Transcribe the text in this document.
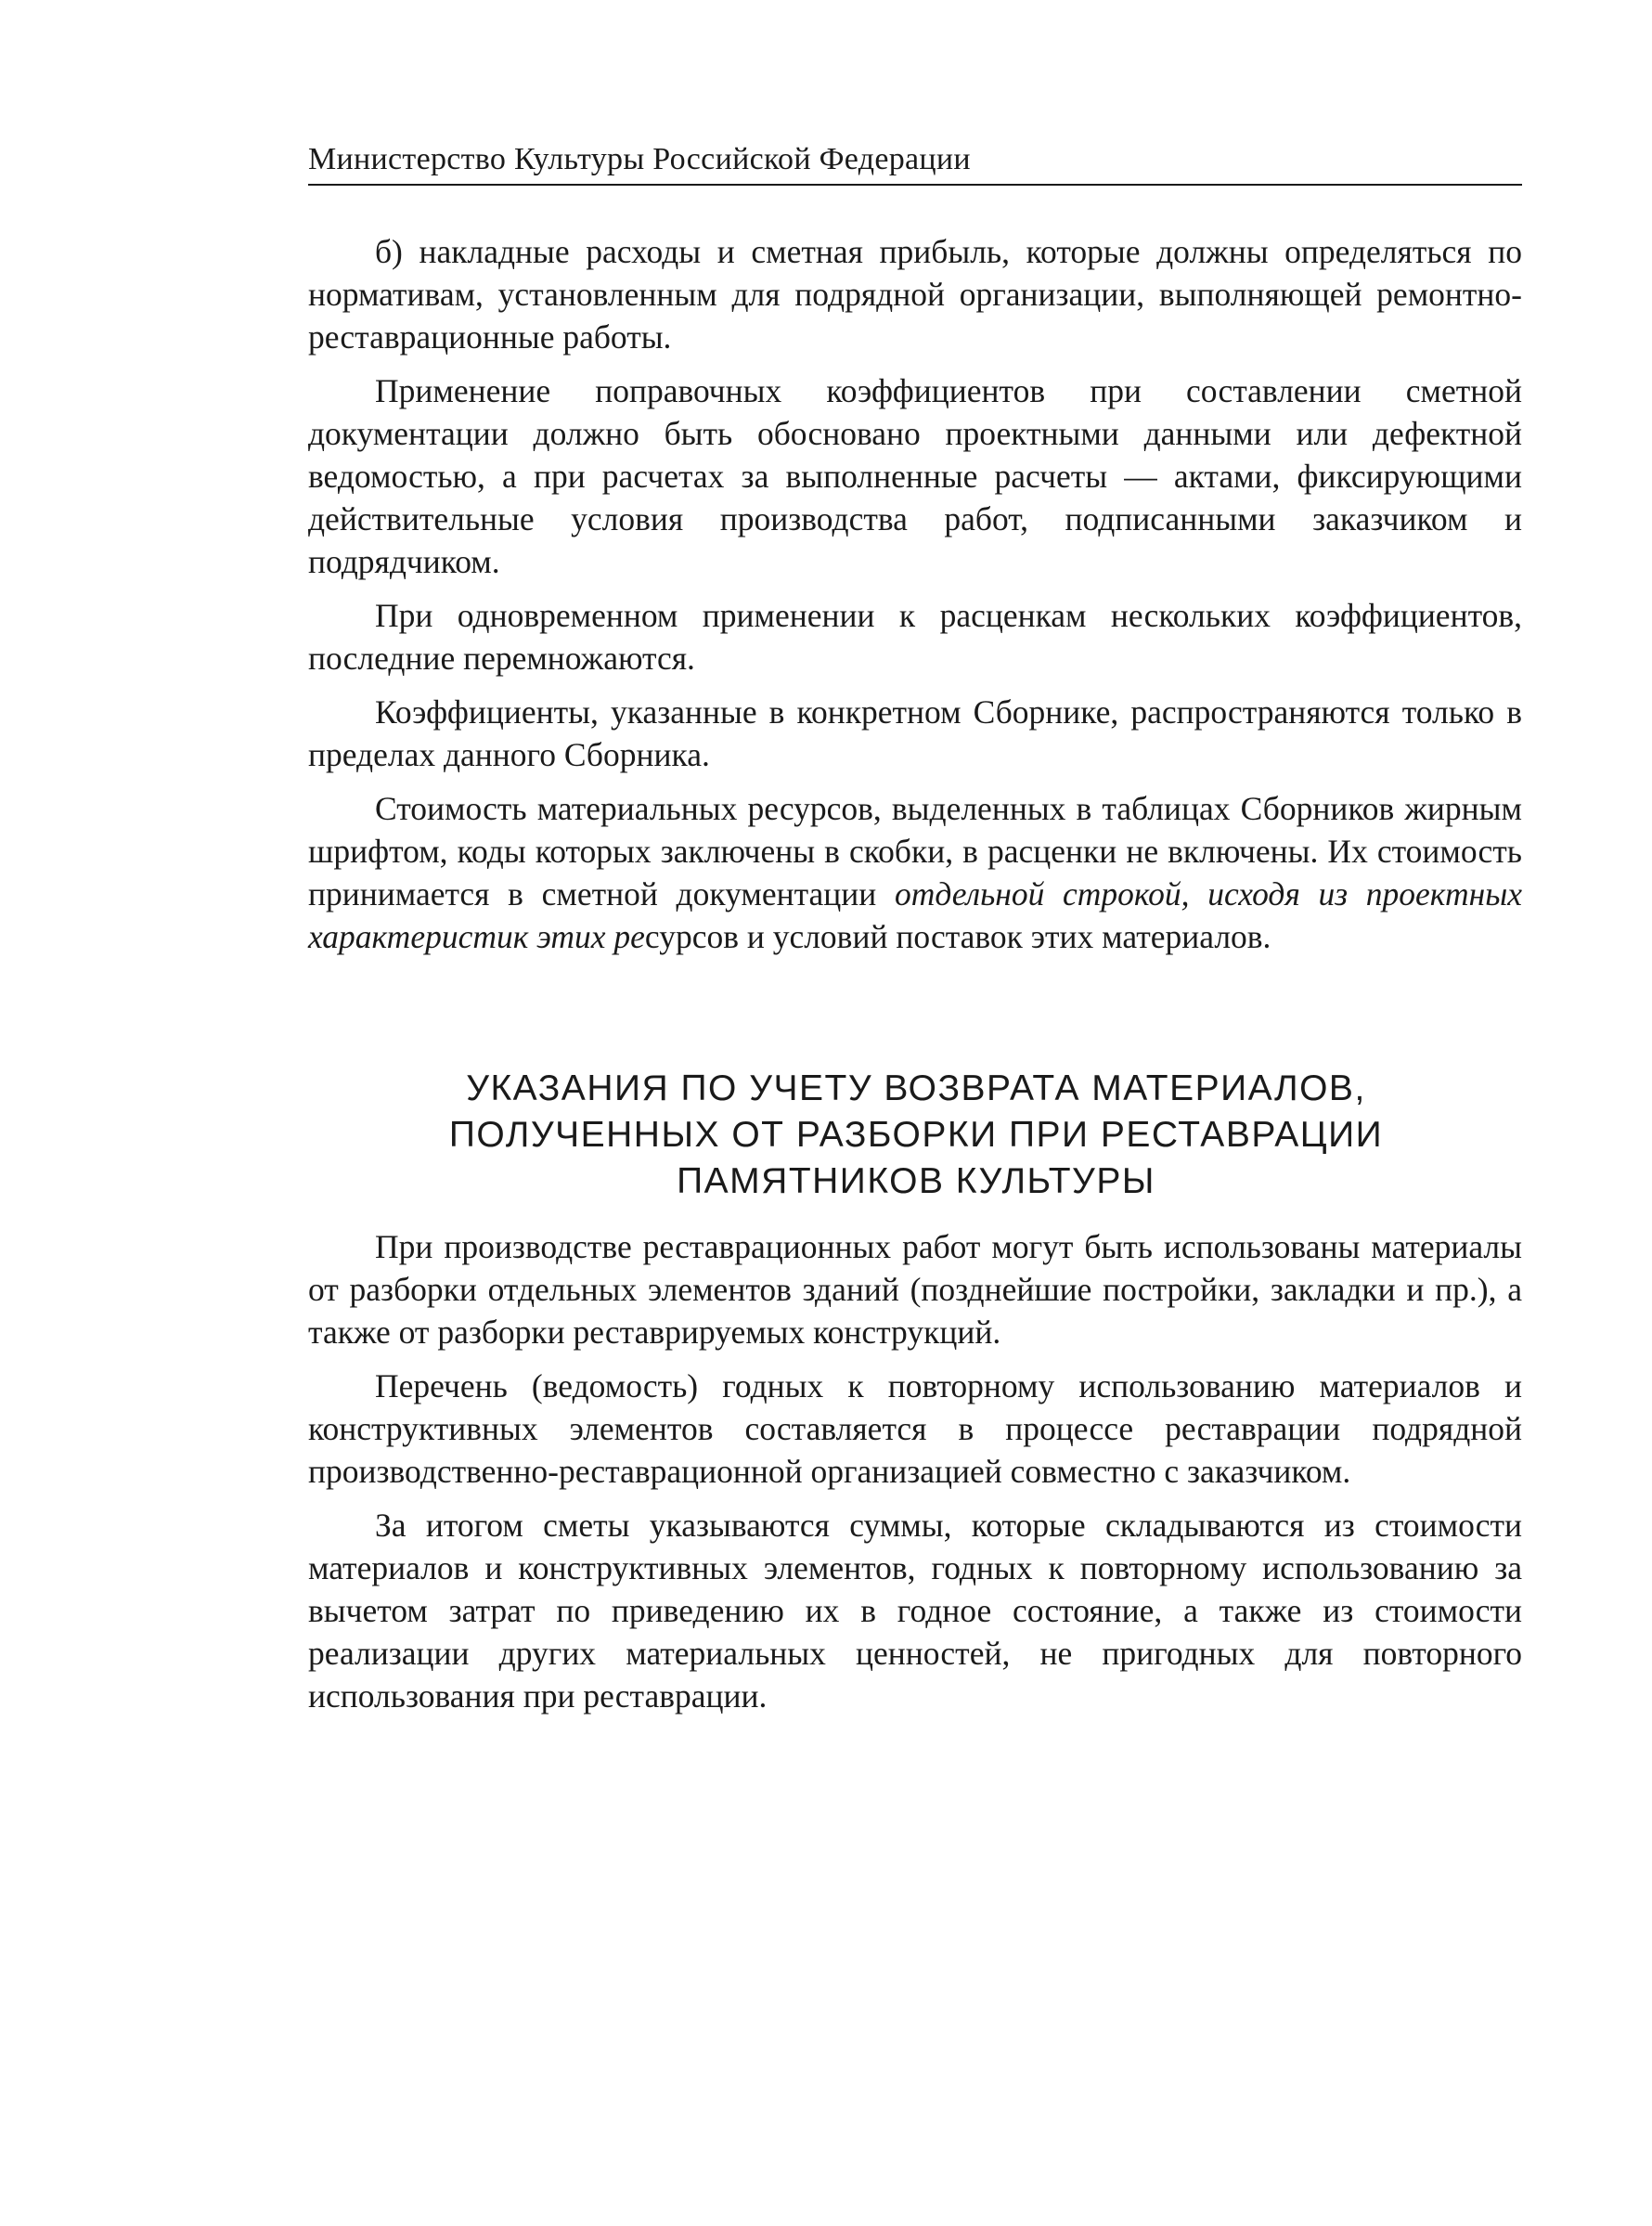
Министерство Культуры Российской Федерации

б) накладные расходы и сметная прибыль, которые должны определяться по нормативам, установленным для подрядной организации, выполняющей ремонтно-реставрационные работы.

Применение поправочных коэффициентов при составлении сметной документации должно быть обосновано проектными данными или дефектной ведомостью, а при расчетах за выполненные расчеты — актами, фиксирующими действительные условия производства работ, подписанными заказчиком и подрядчиком.

При одновременном применении к расценкам нескольких коэффициентов, последние перемножаются.

Коэффициенты, указанные в конкретном Сборнике, распространяются только в пределах данного Сборника.

Стоимость материальных ресурсов, выделенных в таблицах Сборников жирным шрифтом, коды которых заключены в скобки, в расценки не включены. Их стоимость принимается в сметной документации отдельной строкой, исходя из проектных характеристик этих ресурсов и условий поставок этих материалов.

УКАЗАНИЯ ПО УЧЕТУ ВОЗВРАТА МАТЕРИАЛОВ,
ПОЛУЧЕННЫХ ОТ РАЗБОРКИ ПРИ РЕСТАВРАЦИИ
ПАМЯТНИКОВ КУЛЬТУРЫ

При производстве реставрационных работ могут быть использованы материалы от разборки отдельных элементов зданий (позднейшие постройки, закладки и пр.), а также от разборки реставрируемых конструкций.

Перечень (ведомость) годных к повторному использованию материалов и конструктивных элементов составляется в процессе реставрации подрядной производственно-реставрационной организацией совместно с заказчиком.

За итогом сметы указываются суммы, которые складываются из стоимости материалов и конструктивных элементов, годных к повторному использованию за вычетом затрат по приведению их в годное состояние, а также из стоимости реализации других материальных ценностей, не пригодных для повторного использования при реставрации.
